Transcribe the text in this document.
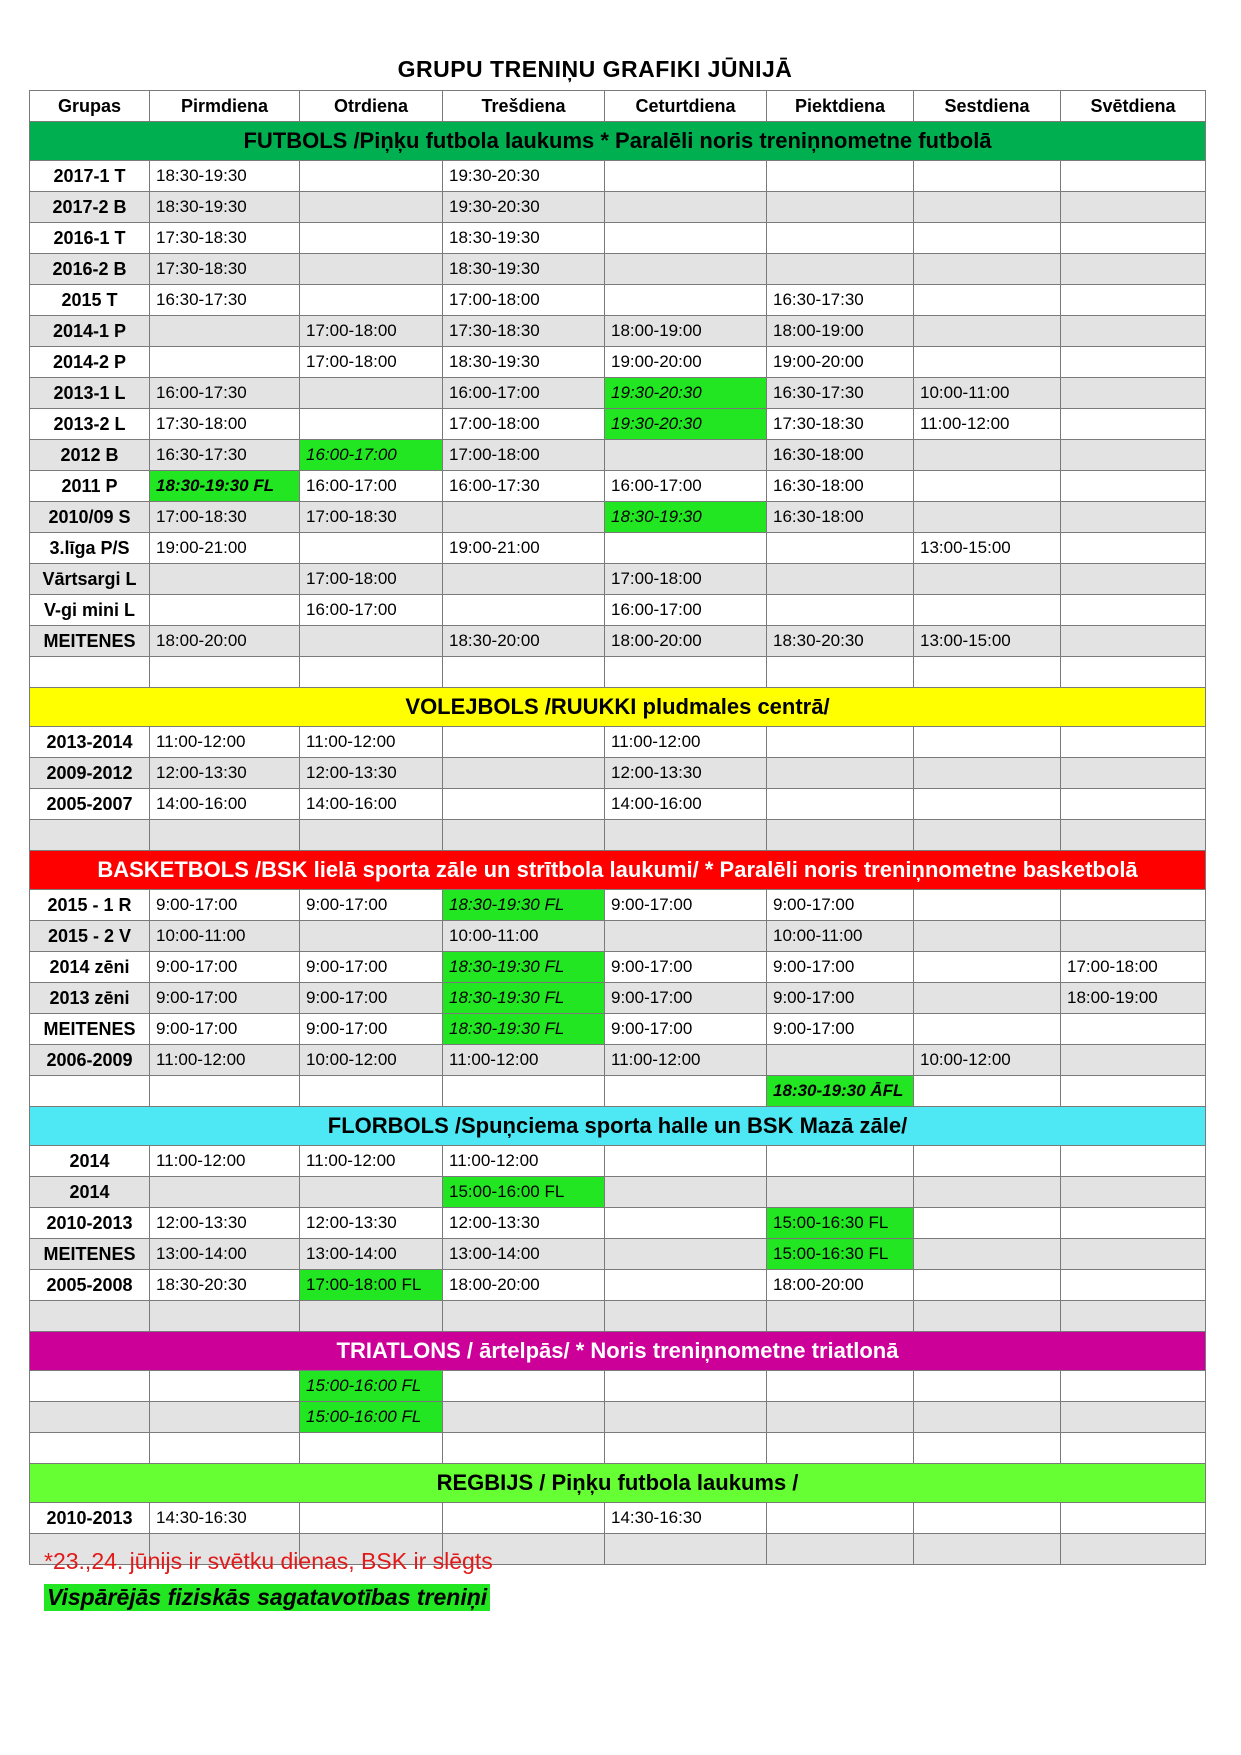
GRUPU TRENIŅU GRAFIKI JŪNIJĀ
Grupas	Pirmdiena	Otrdiena	Trešdiena	Ceturtdiena	Piektdiena	Sestdiena	Svētdiena
FUTBOLS /Piņķu futbola laukums * Paralēli noris treniņnometne futbolā							
2017-1 T	18:30-19:30		19:30-20:30				
2017-2 B	18:30-19:30		19:30-20:30				
2016-1 T	17:30-18:30		18:30-19:30				
2016-2 B	17:30-18:30		18:30-19:30				
2015 T	16:30-17:30		17:00-18:00		16:30-17:30		
2014-1 P		17:00-18:00	17:30-18:30	18:00-19:00	18:00-19:00		
2014-2 P		17:00-18:00	18:30-19:30	19:00-20:00	19:00-20:00		
2013-1 L	16:00-17:30		16:00-17:00	19:30-20:30	16:30-17:30	10:00-11:00	
2013-2 L	17:30-18:00		17:00-18:00	19:30-20:30	17:30-18:30	11:00-12:00	
2012 B	16:30-17:30	16:00-17:00	17:00-18:00		16:30-18:00		
2011 P	18:30-19:30 FL	16:00-17:00	16:00-17:30	16:00-17:00	16:30-18:00		
2010/09 S	17:00-18:30	17:00-18:30		18:30-19:30	16:30-18:00		
3.līga P/S	19:00-21:00		19:00-21:00			13:00-15:00	
Vārtsargi L		17:00-18:00		17:00-18:00			
V-gi mini L		16:00-17:00		16:00-17:00			
MEITENES	18:00-20:00		18:30-20:00	18:00-20:00	18:30-20:30	13:00-15:00	

VOLEJBOLS /RUUKKI pludmales centrā/							
2013-2014	11:00-12:00	11:00-12:00		11:00-12:00			
2009-2012	12:00-13:30	12:00-13:30		12:00-13:30			
2005-2007	14:00-16:00	14:00-16:00		14:00-16:00			

BASKETBOLS /BSK lielā sporta zāle un strītbola laukumi/ * Paralēli noris treniņnometne basketbolā							
2015 - 1 R	9:00-17:00	9:00-17:00	18:30-19:30 FL	9:00-17:00	9:00-17:00		
2015 - 2 V	10:00-11:00		10:00-11:00		10:00-11:00		
2014 zēni	9:00-17:00	9:00-17:00	18:30-19:30 FL	9:00-17:00	9:00-17:00		17:00-18:00
2013 zēni	9:00-17:00	9:00-17:00	18:30-19:30 FL	9:00-17:00	9:00-17:00		18:00-19:00
MEITENES	9:00-17:00	9:00-17:00	18:30-19:30 FL	9:00-17:00	9:00-17:00		
2006-2009	11:00-12:00	10:00-12:00	11:00-12:00	11:00-12:00		10:00-12:00	
					18:30-19:30 ĀFL		
FLORBOLS /Spuņciema sporta halle un BSK Mazā zāle/							
2014	11:00-12:00	11:00-12:00	11:00-12:00				
2014			15:00-16:00 FL				
2010-2013	12:00-13:30	12:00-13:30	12:00-13:30		15:00-16:30 FL		
MEITENES	13:00-14:00	13:00-14:00	13:00-14:00		15:00-16:30 FL		
2005-2008	18:30-20:30	17:00-18:00 FL	18:00-20:00		18:00-20:00		

TRIATLONS / ārtelpās/ * Noris treniņnometne triatlonā							
		15:00-16:00 FL					
		15:00-16:00 FL					

REGBIJS / Piņķu futbola laukums /							
2010-2013	14:30-16:30			14:30-16:30			

*23.,24. jūnijs ir svētku dienas, BSK ir slēgts
Vispārējās fiziskās sagatavotības treniņi
